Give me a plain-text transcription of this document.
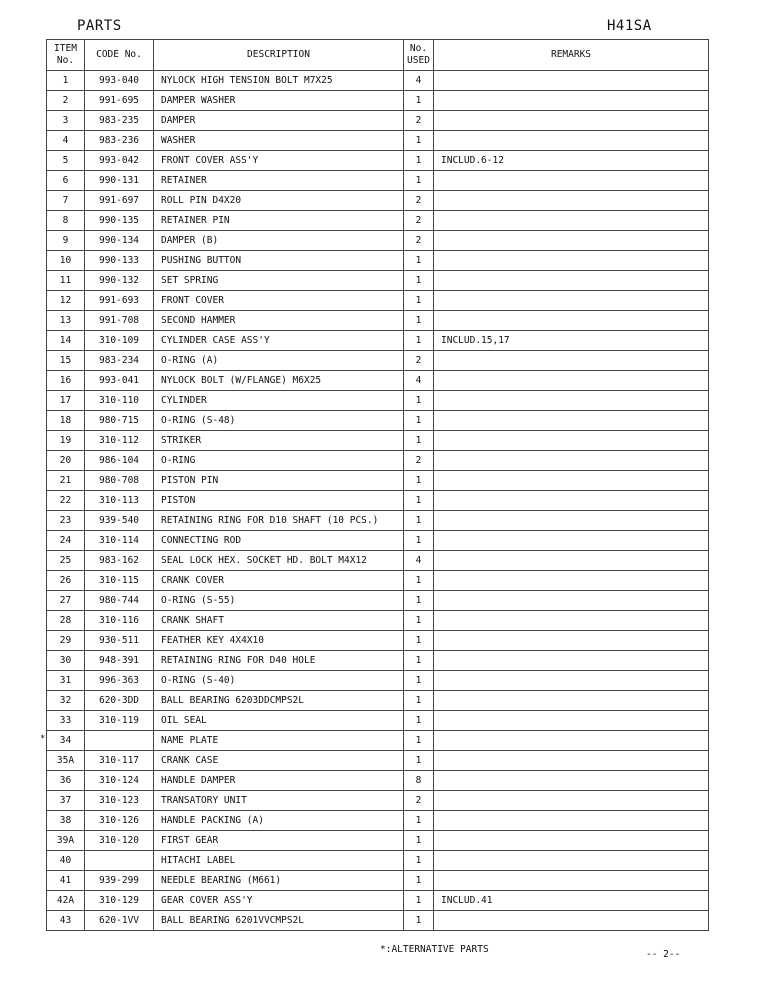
PARTS	H41SA
ITEM
No.	CODE No.	DESCRIPTION	No.
USED	REMARKS
1	993-040	NYLOCK HIGH TENSION BOLT M7X25	4	
2	991-695	DAMPER WASHER	1	
3	983-235	DAMPER	2	
4	983-236	WASHER	1	
5	993-042	FRONT COVER ASS'Y	1	INCLUD.6-12
6	990-131	RETAINER	1	
7	991-697	ROLL PIN D4X20	2	
8	990-135	RETAINER PIN	2	
9	990-134	DAMPER (B)	2	
10	990-133	PUSHING BUTTON	1	
11	990-132	SET SPRING	1	
12	991-693	FRONT COVER	1	
13	991-708	SECOND HAMMER	1	
14	310-109	CYLINDER CASE ASS'Y	1	INCLUD.15,17
15	983-234	O-RING (A)	2	
16	993-041	NYLOCK BOLT (W/FLANGE) M6X25	4	
17	310-110	CYLINDER	1	
18	980-715	O-RING (S-48)	1	
19	310-112	STRIKER	1	
20	986-104	O-RING	2	
21	980-708	PISTON PIN	1	
22	310-113	PISTON	1	
23	939-540	RETAINING RING FOR D10 SHAFT (10 PCS.)	1	
24	310-114	CONNECTING ROD	1	
25	983-162	SEAL LOCK HEX. SOCKET HD. BOLT M4X12	4	
26	310-115	CRANK COVER	1	
27	980-744	O-RING (S-55)	1	
28	310-116	CRANK SHAFT	1	
29	930-511	FEATHER KEY 4X4X10	1	
30	948-391	RETAINING RING FOR D40 HOLE	1	
31	996-363	O-RING (S-40)	1	
32	620-3DD	BALL BEARING 6203DDCMPS2L	1	
33	310-119	OIL SEAL	1	
34		NAME PLATE	1	
35A	310-117	CRANK CASE	1	
36	310-124	HANDLE DAMPER	8	
37	310-123	TRANSATORY UNIT	2	
38	310-126	HANDLE PACKING (A)	1	
39A	310-120	FIRST GEAR	1	
40		HITACHI LABEL	1	
41	939-299	NEEDLE BEARING (M661)	1	
42A	310-129	GEAR COVER ASS'Y	1	INCLUD.41
43	620-1VV	BALL BEARING 6201VVCMPS2L	1	
*
*:ALTERNATIVE PARTS	-- 2--
